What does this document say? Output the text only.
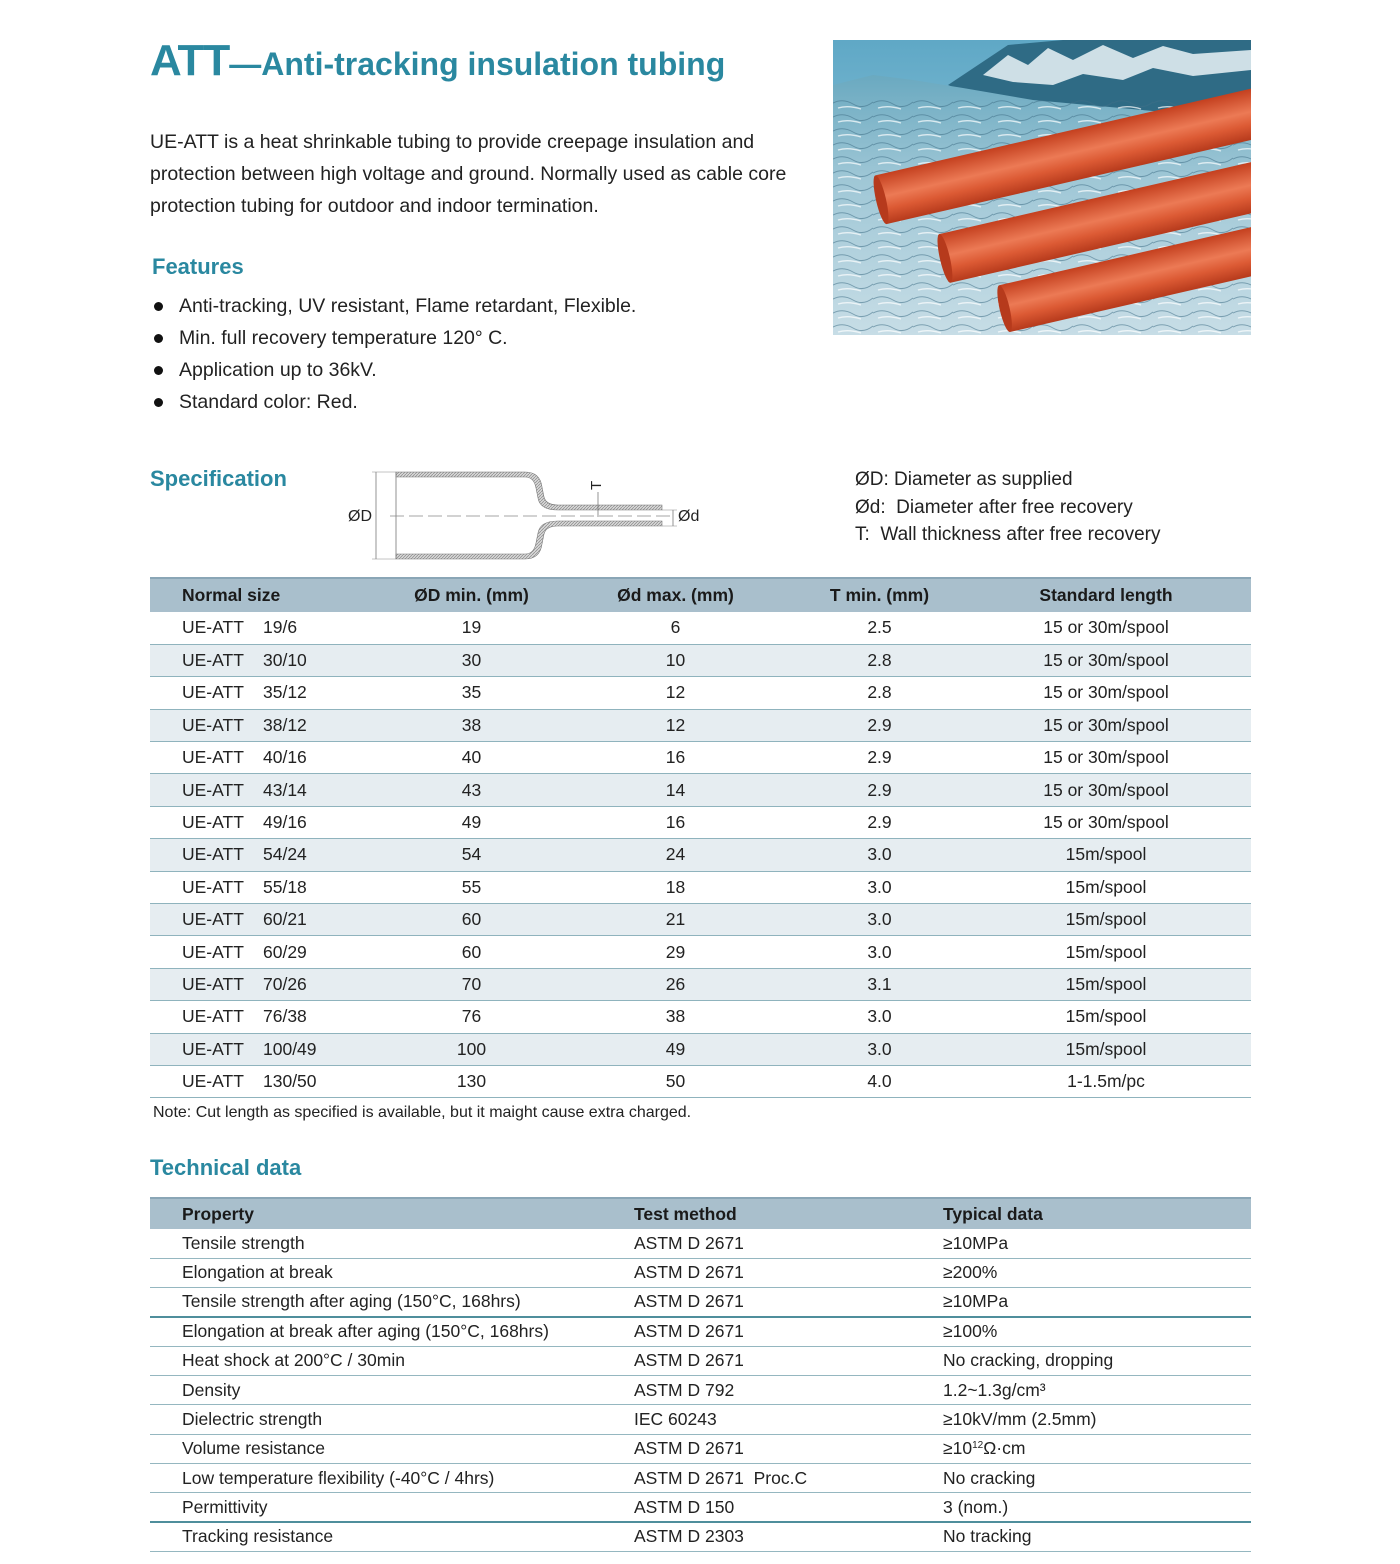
ATT—Anti-tracking insulation tubing

UE-ATT is a heat shrinkable tubing to provide creepage insulation and protection between high voltage and ground. Normally used as cable core protection tubing for outdoor and indoor termination.

Features
Anti-tracking, UV resistant, Flame retardant, Flexible.
Min. full recovery temperature 120° C.
Application up to 36kV.
Standard color: Red.
Specification
ØD	Ød
T	ØD: Diameter as supplied
Ød:  Diameter after free recovery
T:  Wall thickness after free recovery
Normal size	ØD min. (mm)	Ød max. (mm)	T min. (mm)	Standard length
UE-ATT 19/6	19	6	2.5	15 or 30m/spool
UE-ATT 30/10	30	10	2.8	15 or 30m/spool
UE-ATT 35/12	35	12	2.8	15 or 30m/spool
UE-ATT 38/12	38	12	2.9	15 or 30m/spool
UE-ATT 40/16	40	16	2.9	15 or 30m/spool
UE-ATT 43/14	43	14	2.9	15 or 30m/spool
UE-ATT 49/16	49	16	2.9	15 or 30m/spool
UE-ATT 54/24	54	24	3.0	15m/spool
UE-ATT 55/18	55	18	3.0	15m/spool
UE-ATT 60/21	60	21	3.0	15m/spool
UE-ATT 60/29	60	29	3.0	15m/spool
UE-ATT 70/26	70	26	3.1	15m/spool
UE-ATT 76/38	76	38	3.0	15m/spool
UE-ATT 100/49	100	49	3.0	15m/spool
UE-ATT 130/50	130	50	4.0	1-1.5m/pc
Note: Cut length as specified is available, but it maight cause extra charged.
Technical data
Property	Test method	Typical data
Tensile strength	ASTM D 2671	≥10MPa
Elongation at break	ASTM D 2671	≥200%
Tensile strength after aging (150°C, 168hrs)	ASTM D 2671	≥10MPa
Elongation at break after aging (150°C, 168hrs)	ASTM D 2671	≥100%
Heat shock at 200°C / 30min	ASTM D 2671	No cracking, dropping
Density	ASTM D 792	1.2~1.3g/cm³
Dielectric strength	IEC 60243	≥10kV/mm (2.5mm)
Volume resistance	ASTM D 2671	$\ge 10^{12}\Omega\cdot cm$
Low temperature flexibility (-40°C / 4hrs)	ASTM D 2671  Proc.C	No cracking
Permittivity	ASTM D 150	3 (nom.)
Tracking resistance	ASTM D 2303	No tracking
